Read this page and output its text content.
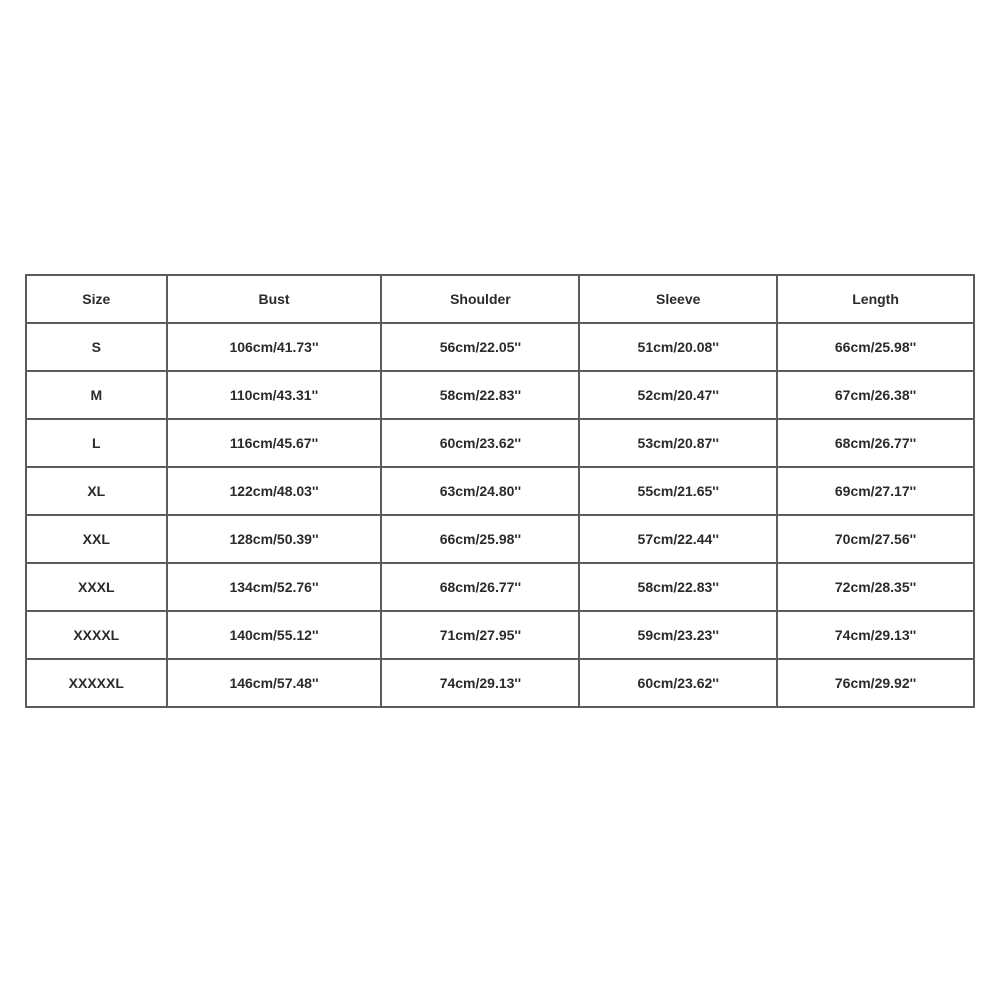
Size	Bust	Shoulder	Sleeve	Length
S	106cm/41.73''	56cm/22.05''	51cm/20.08''	66cm/25.98''
M	110cm/43.31''	58cm/22.83''	52cm/20.47''	67cm/26.38''
L	116cm/45.67''	60cm/23.62''	53cm/20.87''	68cm/26.77''
XL	122cm/48.03''	63cm/24.80''	55cm/21.65''	69cm/27.17''
XXL	128cm/50.39''	66cm/25.98''	57cm/22.44''	70cm/27.56''
XXXL	134cm/52.76''	68cm/26.77''	58cm/22.83''	72cm/28.35''
XXXXL	140cm/55.12''	71cm/27.95''	59cm/23.23''	74cm/29.13''
XXXXXL	146cm/57.48''	74cm/29.13''	60cm/23.62''	76cm/29.92''
